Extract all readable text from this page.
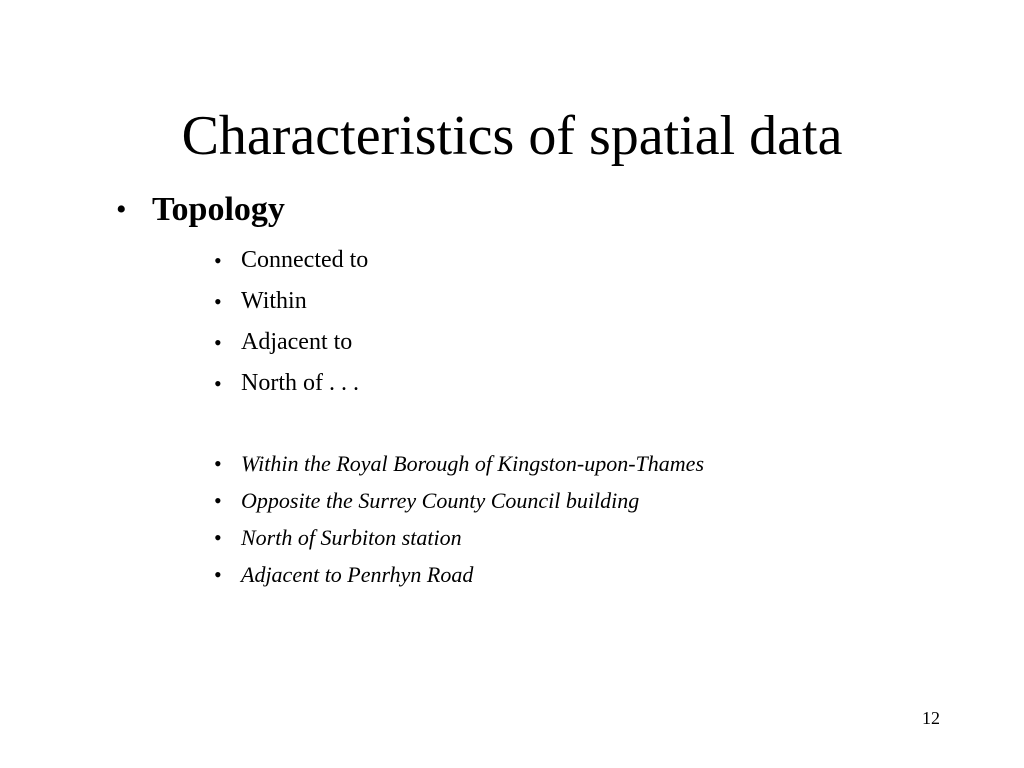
Characteristics of spatial data
• Topology
• Connected to
• Within
• Adjacent to
• North of . . .
• Within the Royal Borough of Kingston-upon-Thames
• Opposite the Surrey County Council building
• North of Surbiton station
• Adjacent to Penrhyn Road
12
